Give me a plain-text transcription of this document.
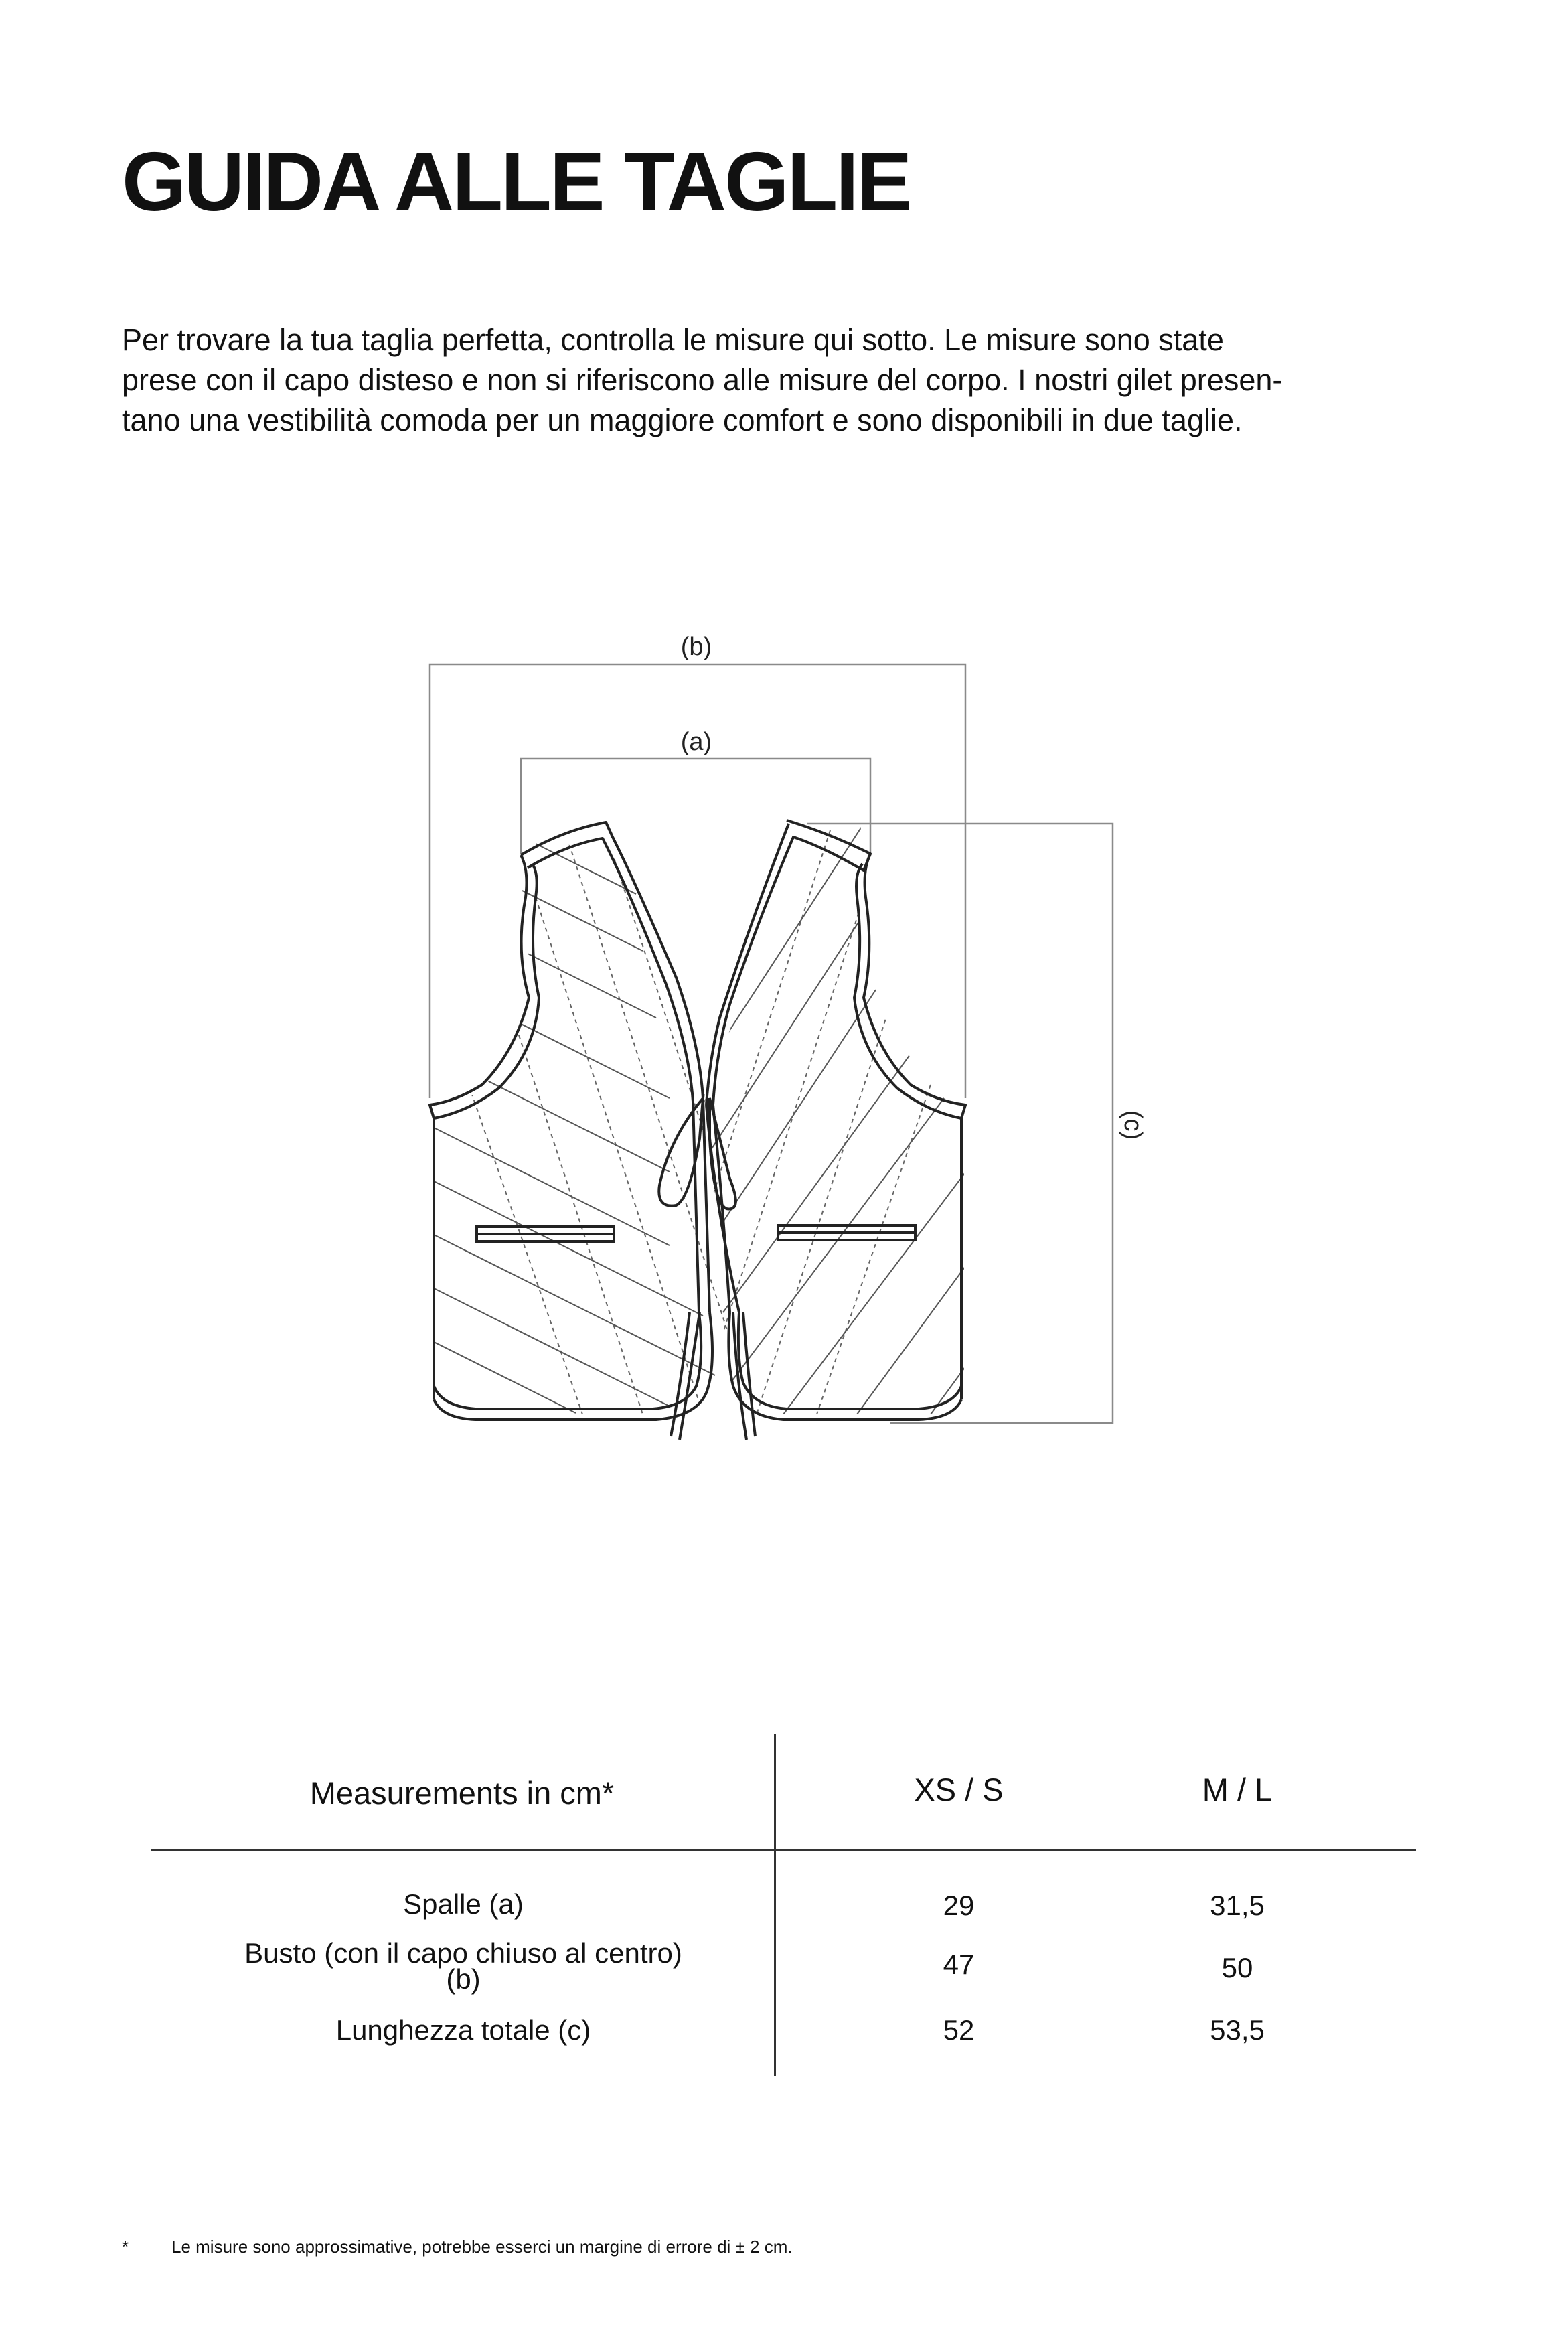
GUIDA ALLE TAGLIE
Per trovare la tua taglia perfetta, controlla le misure qui sotto. Le misure sono state
prese con il capo disteso e non si riferiscono alle misure del corpo. I nostri gilet presen-
tano una vestibilità comoda per un maggiore comfort e sono disponibili in due taglie.
(b)
(a)
(c)
Measurements in cm*	XS / S	M / L
Spalle (a)	29	31,5
Busto (con il capo chiuso al centro)
(b)	47	50
Lunghezza totale (c)	52	53,5
* Le misure sono approssimative, potrebbe esserci un margine di errore di ± 2 cm.
